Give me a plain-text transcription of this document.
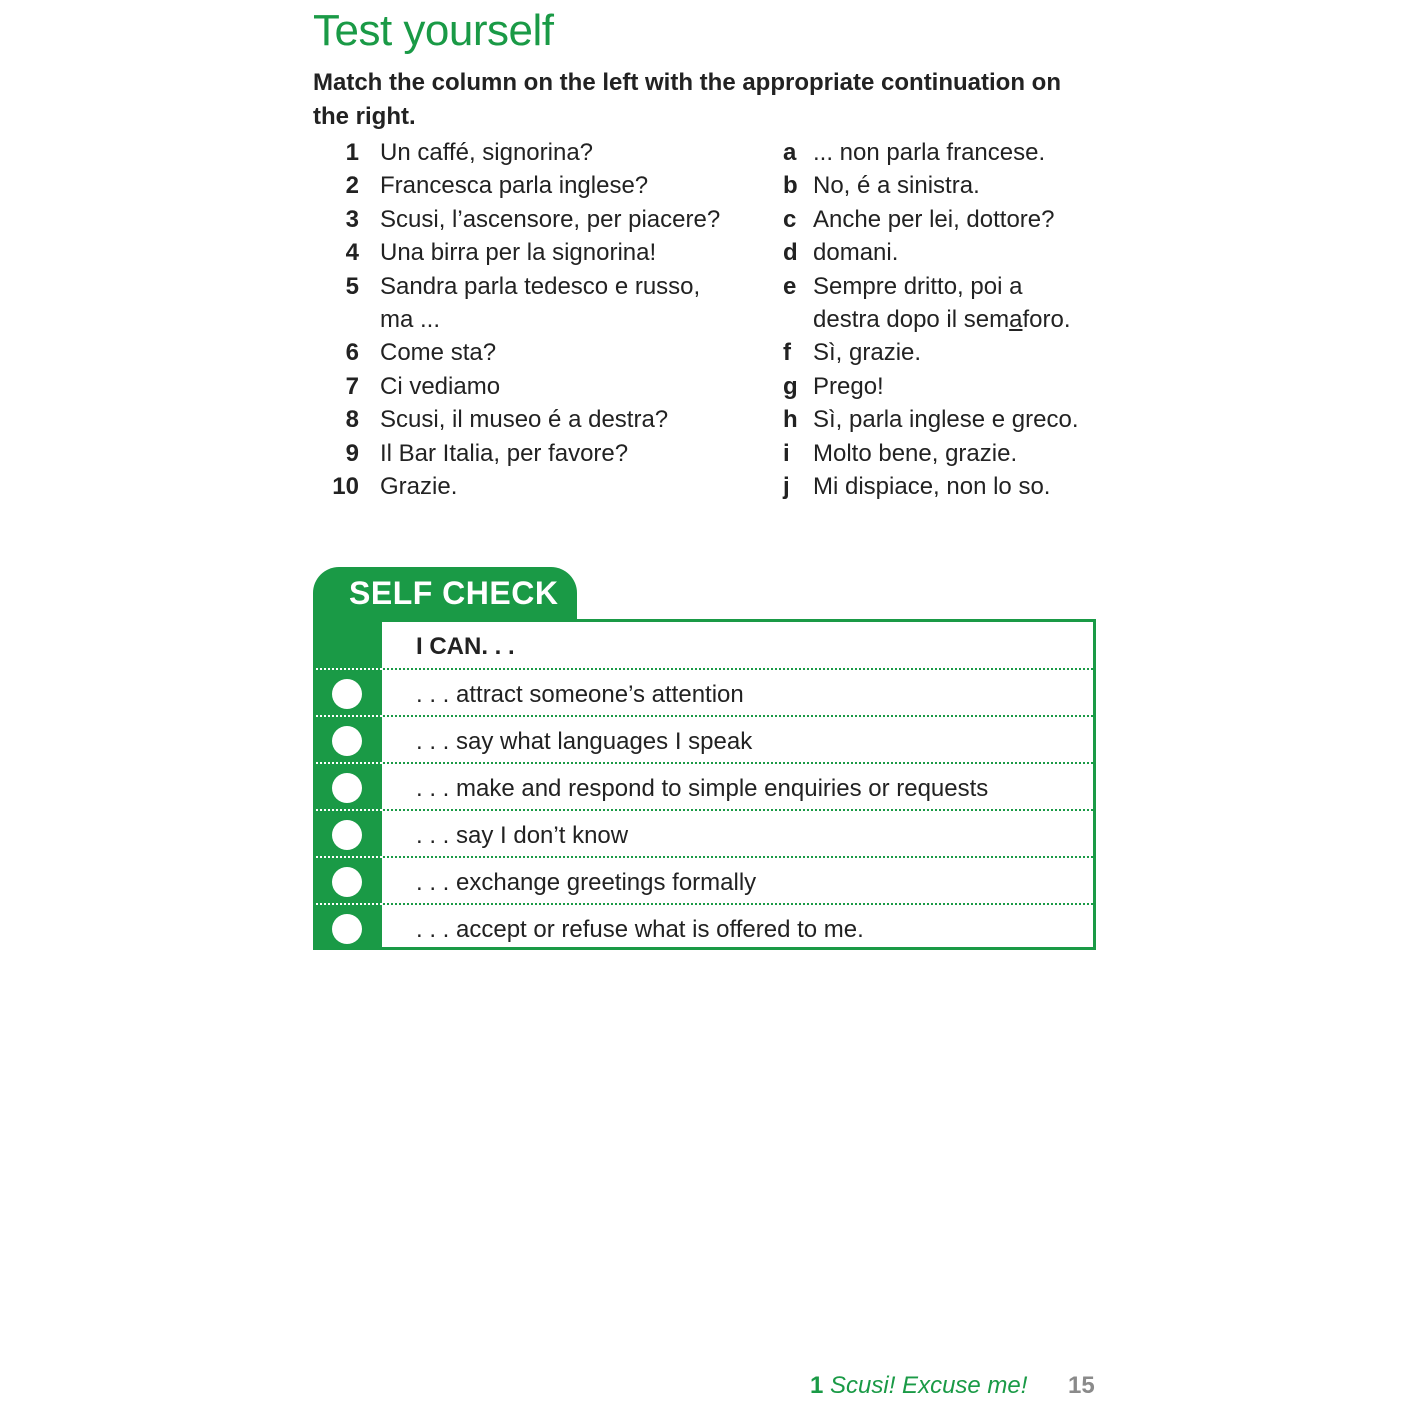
Test yourself
Match the column on the left with the appropriate continuation on the right.
1 Un caffé, signorina?
2 Francesca parla inglese?
3 Scusi, l’ascensore, per piacere?
4 Una birra per la signorina!
5 Sandra parla tedesco e russo,
ma ...
6 Come sta?
7 Ci vediamo
8 Scusi, il museo é a destra?
9 Il Bar Italia, per favore?
10 Grazie.
a ... non parla francese.
b No, é a sinistra.
c Anche per lei, dottore?
d domani.
e Sempre dritto, poi a
destra dopo il semaforo.
f Sì, grazie.
g Prego!
h Sì, parla inglese e greco.
i Molto bene, grazie.
j Mi dispiace, non lo so.
SELF CHECK
I CAN. . .
. . . attract someone’s attention
. . . say what languages I speak
. . . make and respond to simple enquiries or requests
. . . say I don’t know
. . . exchange greetings formally
. . . accept or refuse what is offered to me.
1 Scusi! Excuse me! 15
